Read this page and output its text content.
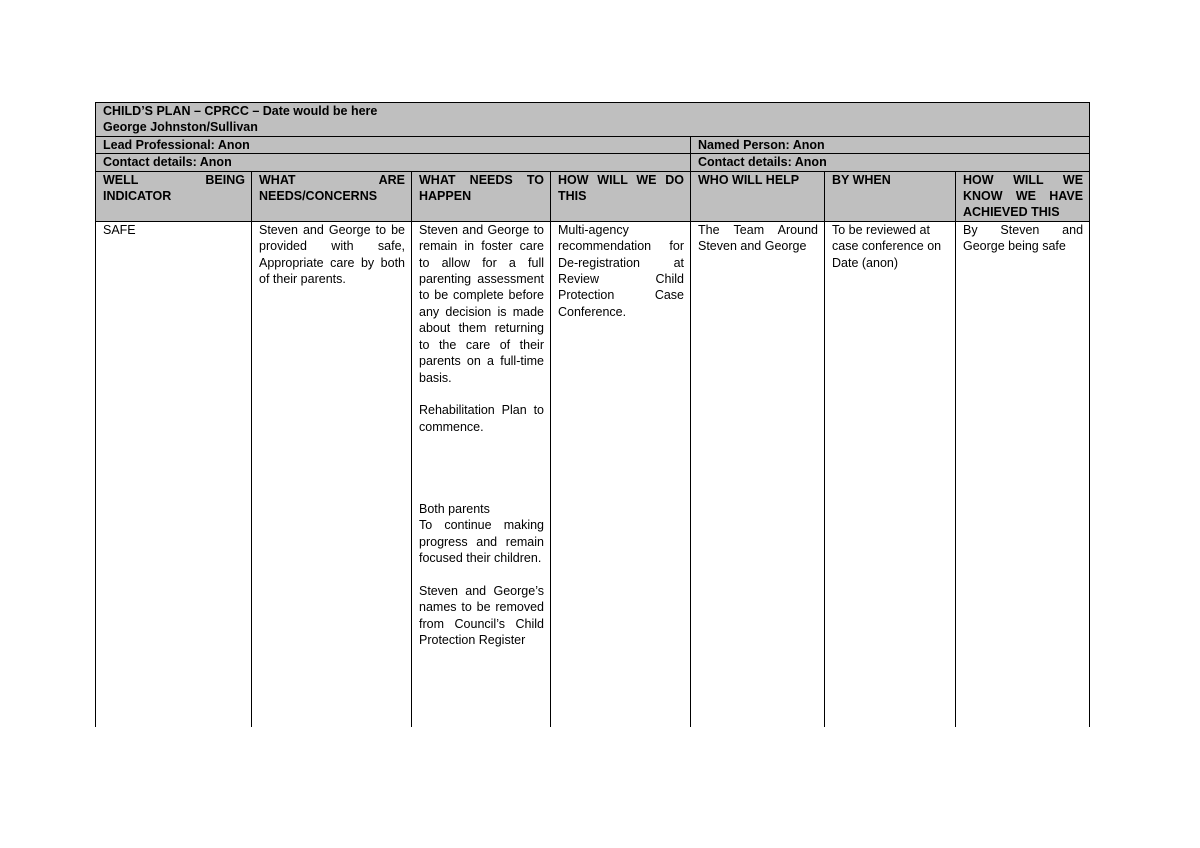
CHILD’S PLAN – CPRCC – Date would be here

George Johnston/Sullivan						

Lead Professional: Anon				Named Person: Anon		
Contact details: Anon				Contact details: Anon		
WELL BEING INDICATOR	WHAT ARE NEEDS/CONCERNS	WHAT NEEDS TO HAPPEN	HOW WILL WE DO THIS	WHO WILL HELP	BY WHEN	HOW WILL WE KNOW WE HAVE ACHIEVED THIS
SAFE	Steven and George to be provided with safe, Appropriate care by both of their parents.	Steven and George to remain in foster care to allow for a full parenting assessment to be complete before any decision is made about them returning to the care of their parents on a full-time basis.

Rehabilitation Plan to commence.

Both parents

To continue making progress and remain focused their children.

Steven and George’s names to be removed from Council’s Child Protection Register	Multi-agency recommendation for De-registration at Review Child Protection Case Conference.	The Team Around Steven and George	To be reviewed at case conference on Date (anon)	By Steven and George being safe
